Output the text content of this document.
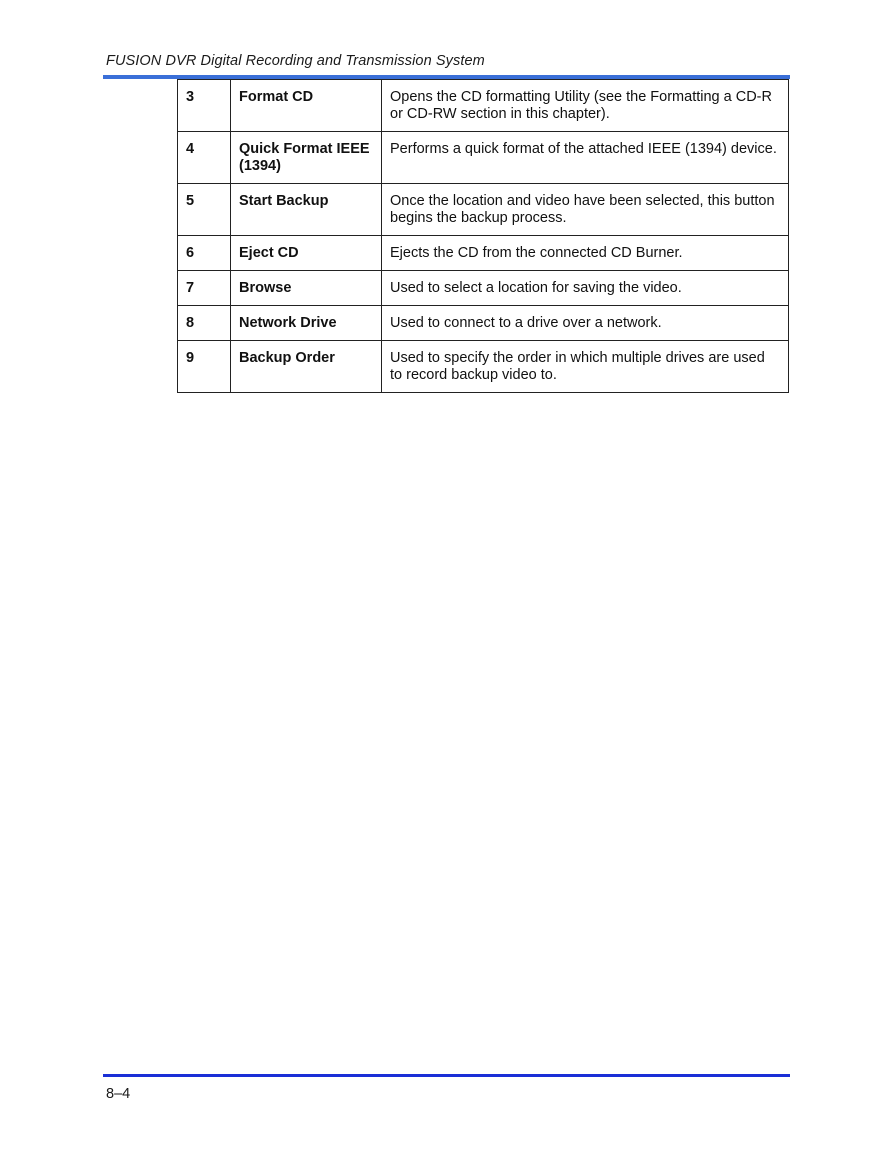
FUSION DVR Digital Recording and Transmission System
3	Format CD	Opens the CD formatting Utility (see the Formatting a CD-R or CD-RW section in this chapter).
4	Quick Format IEEE (1394)	Performs a quick format of the attached IEEE (1394) device.
5	Start Backup	Once the location and video have been selected, this button begins the backup process.
6	Eject CD	Ejects the CD from the connected CD Burner.
7	Browse	Used to select a location for saving the video.
8	Network Drive	Used to connect to a drive over a network.
9	Backup Order	Used to specify the order in which multiple drives are used to record backup video to.
8–4
